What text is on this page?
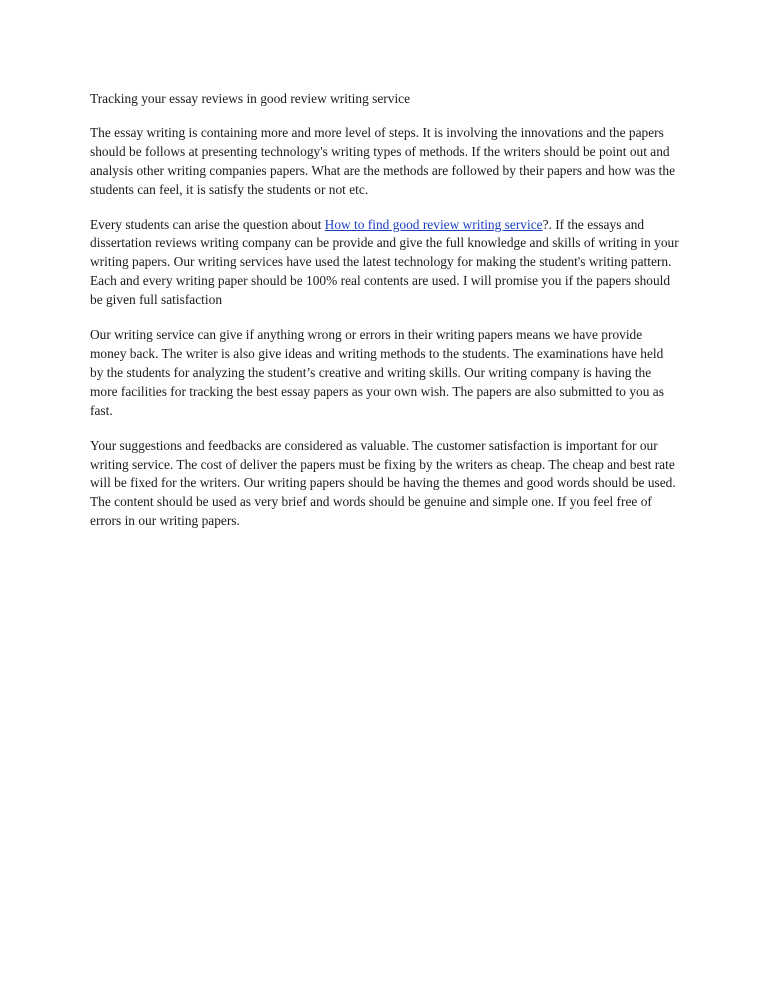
Tracking your essay reviews in good review writing service

The essay writing is containing more and more level of steps. It is involving the innovations and the papers should be follows at presenting technology's writing types of methods. If the writers should be point out and analysis other writing companies papers. What are the methods are followed by their papers and how was the students can feel, it is satisfy the students or not etc.

Every students can arise the question about How to find good review writing service?. If the essays and dissertation reviews writing company can be provide and give the full knowledge and skills of writing in your writing papers. Our writing services have used the latest technology for making the student's writing pattern. Each and every writing paper should be 100% real contents are used. I will promise you if the papers should be given full satisfaction

Our writing service can give if anything wrong or errors in their writing papers means we have provide money back. The writer is also give ideas and writing methods to the students. The examinations have held by the students for analyzing the student’s creative and writing skills. Our writing company is having the more facilities for tracking the best essay papers as your own wish. The papers are also submitted to you as fast.

Your suggestions and feedbacks are considered as valuable. The customer satisfaction is important for our writing service. The cost of deliver the papers must be fixing by the writers as cheap. The cheap and best rate will be fixed for the writers. Our writing papers should be having the themes and good words should be used. The content should be used as very brief and words should be genuine and simple one. If you feel free of errors in our writing papers.
